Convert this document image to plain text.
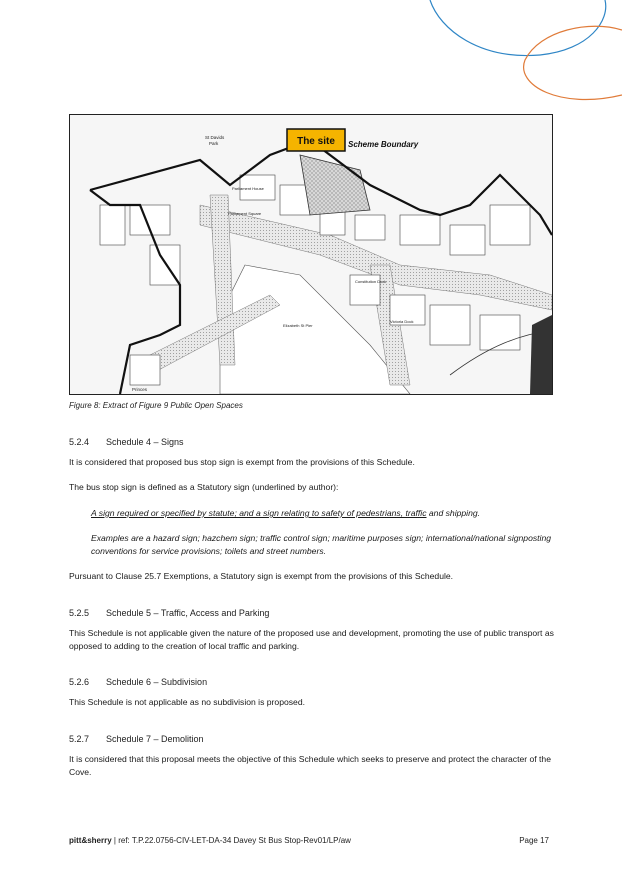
The site Scheme Boundary
St Davids
Park
Parliament House
Parliament Square
Constitution Dock
Victoria Dock
Elizabeth St Pier
Princes
Figure 8: Extract of Figure 9 Public Open Spaces
5.2.4 Schedule 4 – Signs
It is considered that proposed bus stop sign is exempt from the provisions of this Schedule.
The bus stop sign is defined as a Statutory sign (underlined by author):
A sign required or specified by statute; and a sign relating to safety of pedestrians, traffic and shipping.
Examples are a hazard sign; hazchem sign; traffic control sign; maritime purposes sign; international/national signposting conventions for service provisions; toilets and street numbers.
Pursuant to Clause 25.7 Exemptions, a Statutory sign is exempt from the provisions of this Schedule.
5.2.5 Schedule 5 – Traffic, Access and Parking
This Schedule is not applicable given the nature of the proposed use and development, promoting the use of public transport as opposed to adding to the creation of local traffic and parking.
5.2.6 Schedule 6 – Subdivision
This Schedule is not applicable as no subdivision is proposed.
5.2.7 Schedule 7 – Demolition
It is considered that this proposal meets the objective of this Schedule which seeks to preserve and protect the character of the Cove.
pitt&sherry | ref: T.P.22.0756-CIV-LET-DA-34 Davey St Bus Stop-Rev01/LP/aw	Page 17
